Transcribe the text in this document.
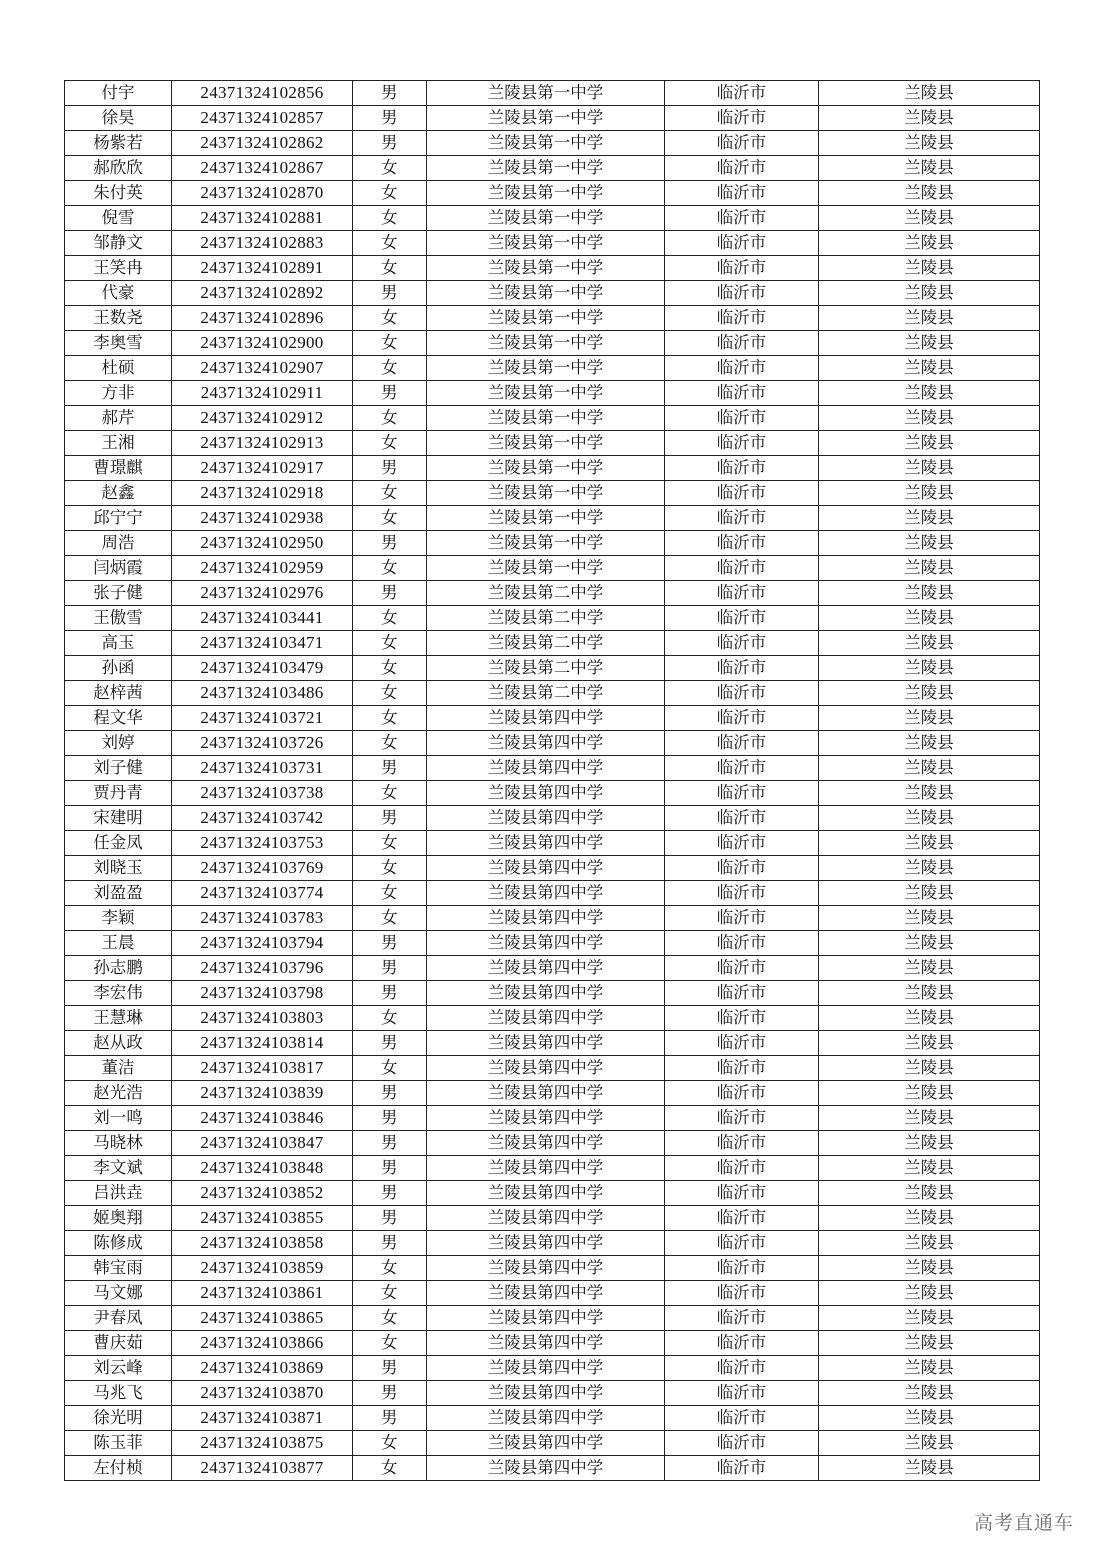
付宇	24371324102856	男	兰陵县第一中学	临沂市	兰陵县
徐昊	24371324102857	男	兰陵县第一中学	临沂市	兰陵县
杨紫若	24371324102862	男	兰陵县第一中学	临沂市	兰陵县
郝欣欣	24371324102867	女	兰陵县第一中学	临沂市	兰陵县
朱付英	24371324102870	女	兰陵县第一中学	临沂市	兰陵县
倪雪	24371324102881	女	兰陵县第一中学	临沂市	兰陵县
邹静文	24371324102883	女	兰陵县第一中学	临沂市	兰陵县
王笑冉	24371324102891	女	兰陵县第一中学	临沂市	兰陵县
代豪	24371324102892	男	兰陵县第一中学	临沂市	兰陵县
王数尧	24371324102896	女	兰陵县第一中学	临沂市	兰陵县
李奥雪	24371324102900	女	兰陵县第一中学	临沂市	兰陵县
杜硕	24371324102907	女	兰陵县第一中学	临沂市	兰陵县
方非	24371324102911	男	兰陵县第一中学	临沂市	兰陵县
郝芹	24371324102912	女	兰陵县第一中学	临沂市	兰陵县
王湘	24371324102913	女	兰陵县第一中学	临沂市	兰陵县
曹璟麒	24371324102917	男	兰陵县第一中学	临沂市	兰陵县
赵鑫	24371324102918	女	兰陵县第一中学	临沂市	兰陵县
邱宁宁	24371324102938	女	兰陵县第一中学	临沂市	兰陵县
周浩	24371324102950	男	兰陵县第一中学	临沂市	兰陵县
闫炳霞	24371324102959	女	兰陵县第一中学	临沂市	兰陵县
张子健	24371324102976	男	兰陵县第二中学	临沂市	兰陵县
王傲雪	24371324103441	女	兰陵县第二中学	临沂市	兰陵县
高玉	24371324103471	女	兰陵县第二中学	临沂市	兰陵县
孙函	24371324103479	女	兰陵县第二中学	临沂市	兰陵县
赵梓茜	24371324103486	女	兰陵县第二中学	临沂市	兰陵县
程文华	24371324103721	女	兰陵县第四中学	临沂市	兰陵县
刘婷	24371324103726	女	兰陵县第四中学	临沂市	兰陵县
刘子健	24371324103731	男	兰陵县第四中学	临沂市	兰陵县
贾丹青	24371324103738	女	兰陵县第四中学	临沂市	兰陵县
宋建明	24371324103742	男	兰陵县第四中学	临沂市	兰陵县
任金凤	24371324103753	女	兰陵县第四中学	临沂市	兰陵县
刘晓玉	24371324103769	女	兰陵县第四中学	临沂市	兰陵县
刘盈盈	24371324103774	女	兰陵县第四中学	临沂市	兰陵县
李颖	24371324103783	女	兰陵县第四中学	临沂市	兰陵县
王晨	24371324103794	男	兰陵县第四中学	临沂市	兰陵县
孙志鹏	24371324103796	男	兰陵县第四中学	临沂市	兰陵县
李宏伟	24371324103798	男	兰陵县第四中学	临沂市	兰陵县
王慧琳	24371324103803	女	兰陵县第四中学	临沂市	兰陵县
赵从政	24371324103814	男	兰陵县第四中学	临沂市	兰陵县
董洁	24371324103817	女	兰陵县第四中学	临沂市	兰陵县
赵光浩	24371324103839	男	兰陵县第四中学	临沂市	兰陵县
刘一鸣	24371324103846	男	兰陵县第四中学	临沂市	兰陵县
马晓林	24371324103847	男	兰陵县第四中学	临沂市	兰陵县
李文斌	24371324103848	男	兰陵县第四中学	临沂市	兰陵县
吕洪垚	24371324103852	男	兰陵县第四中学	临沂市	兰陵县
姬奥翔	24371324103855	男	兰陵县第四中学	临沂市	兰陵县
陈修成	24371324103858	男	兰陵县第四中学	临沂市	兰陵县
韩宝雨	24371324103859	女	兰陵县第四中学	临沂市	兰陵县
马文娜	24371324103861	女	兰陵县第四中学	临沂市	兰陵县
尹春凤	24371324103865	女	兰陵县第四中学	临沂市	兰陵县
曹庆茹	24371324103866	女	兰陵县第四中学	临沂市	兰陵县
刘云峰	24371324103869	男	兰陵县第四中学	临沂市	兰陵县
马兆飞	24371324103870	男	兰陵县第四中学	临沂市	兰陵县
徐光明	24371324103871	男	兰陵县第四中学	临沂市	兰陵县
陈玉菲	24371324103875	女	兰陵县第四中学	临沂市	兰陵县
左付桢	24371324103877	女	兰陵县第四中学	临沂市	兰陵县
高考直通车
